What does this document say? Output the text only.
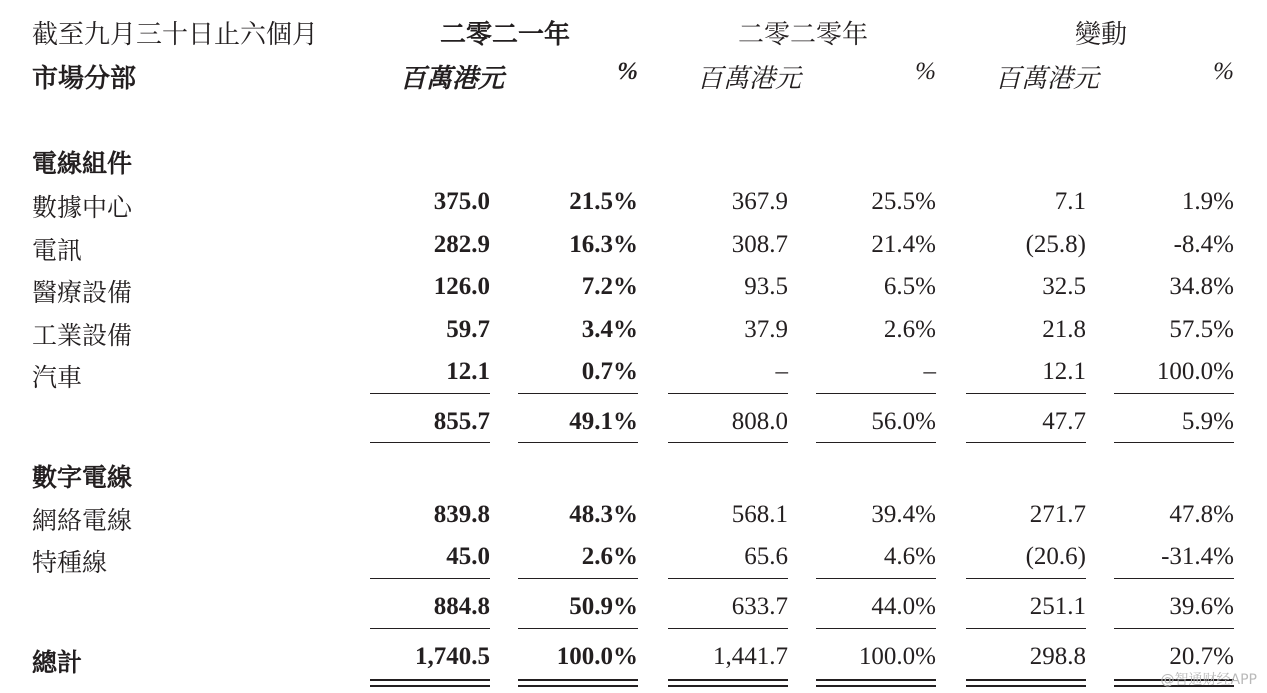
截至九月三十日止六個月
市場分部
二零二一年	二零二零年	變動
百萬港元	% 百萬港元	% 百萬港元	%
電線組件
數據中心	375.0	21.5%	367.9	25.5%	7.1	1.9%
電訊	282.9	16.3%	308.7	21.4%	(25.8)	-8.4%
醫療設備	126.0	7.2%	93.5	6.5%	32.5	34.8%
工業設備	59.7	3.4%	37.9	2.6%	21.8	57.5%
汽車	12.1	0.7%	–	–	12.1	100.0%
855.7	49.1%	808.0	56.0%	47.7	5.9%
數字電線
網絡電線	839.8	48.3%	568.1	39.4%	271.7	47.8%
特種線	45.0	2.6%	65.6	4.6%	(20.6)	-31.4%
884.8	50.9%	633.7	44.0%	251.1	39.6%
總計	1,740.5	100.0%	1,441.7	100.0%	298.8	20.7%
@智通财经APP
